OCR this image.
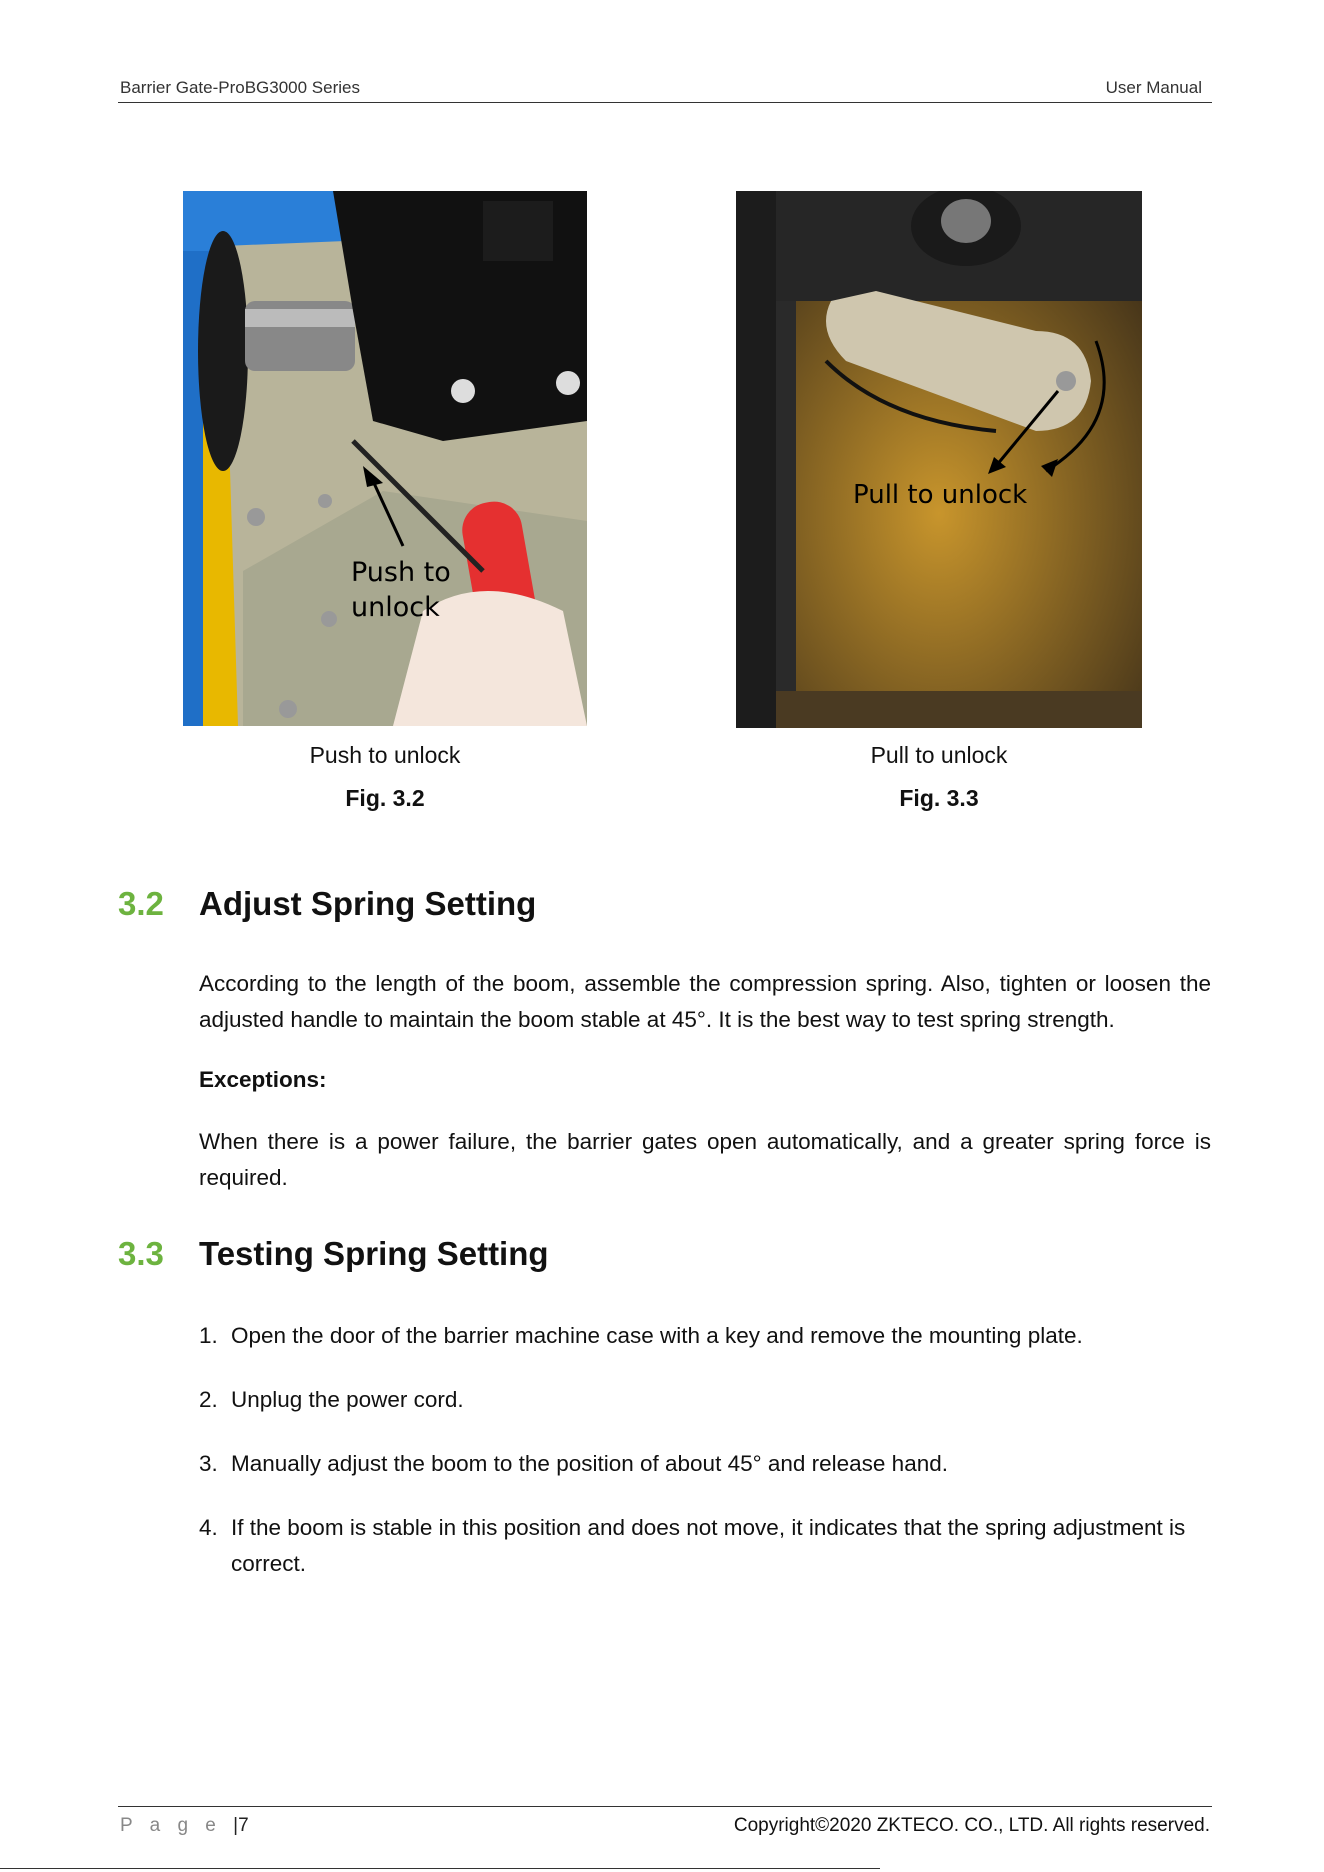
Barrier Gate-ProBG3000 Series	User Manual
Push to
unlock
Push to unlock
Fig. 3.2
Pull to unlock
Pull to unlock
Fig. 3.3
3.2 Adjust Spring Setting
According to the length of the boom, assemble the compression spring. Also, tighten or loosen the adjusted handle to maintain the boom stable at 45°. It is the best way to test spring strength.
Exceptions:
When there is a power failure, the barrier gates open automatically, and a greater spring force is required.
3.3 Testing Spring Setting
1. Open the door of the barrier machine case with a key and remove the mounting plate.
2. Unplug the power cord.
3. Manually adjust the boom to the position of about 45° and release hand.
4. If the boom is stable in this position and does not move, it indicates that the spring adjustment is correct.
P a g e |7	Copyright©2020 ZKTECO. CO., LTD. All rights reserved.
